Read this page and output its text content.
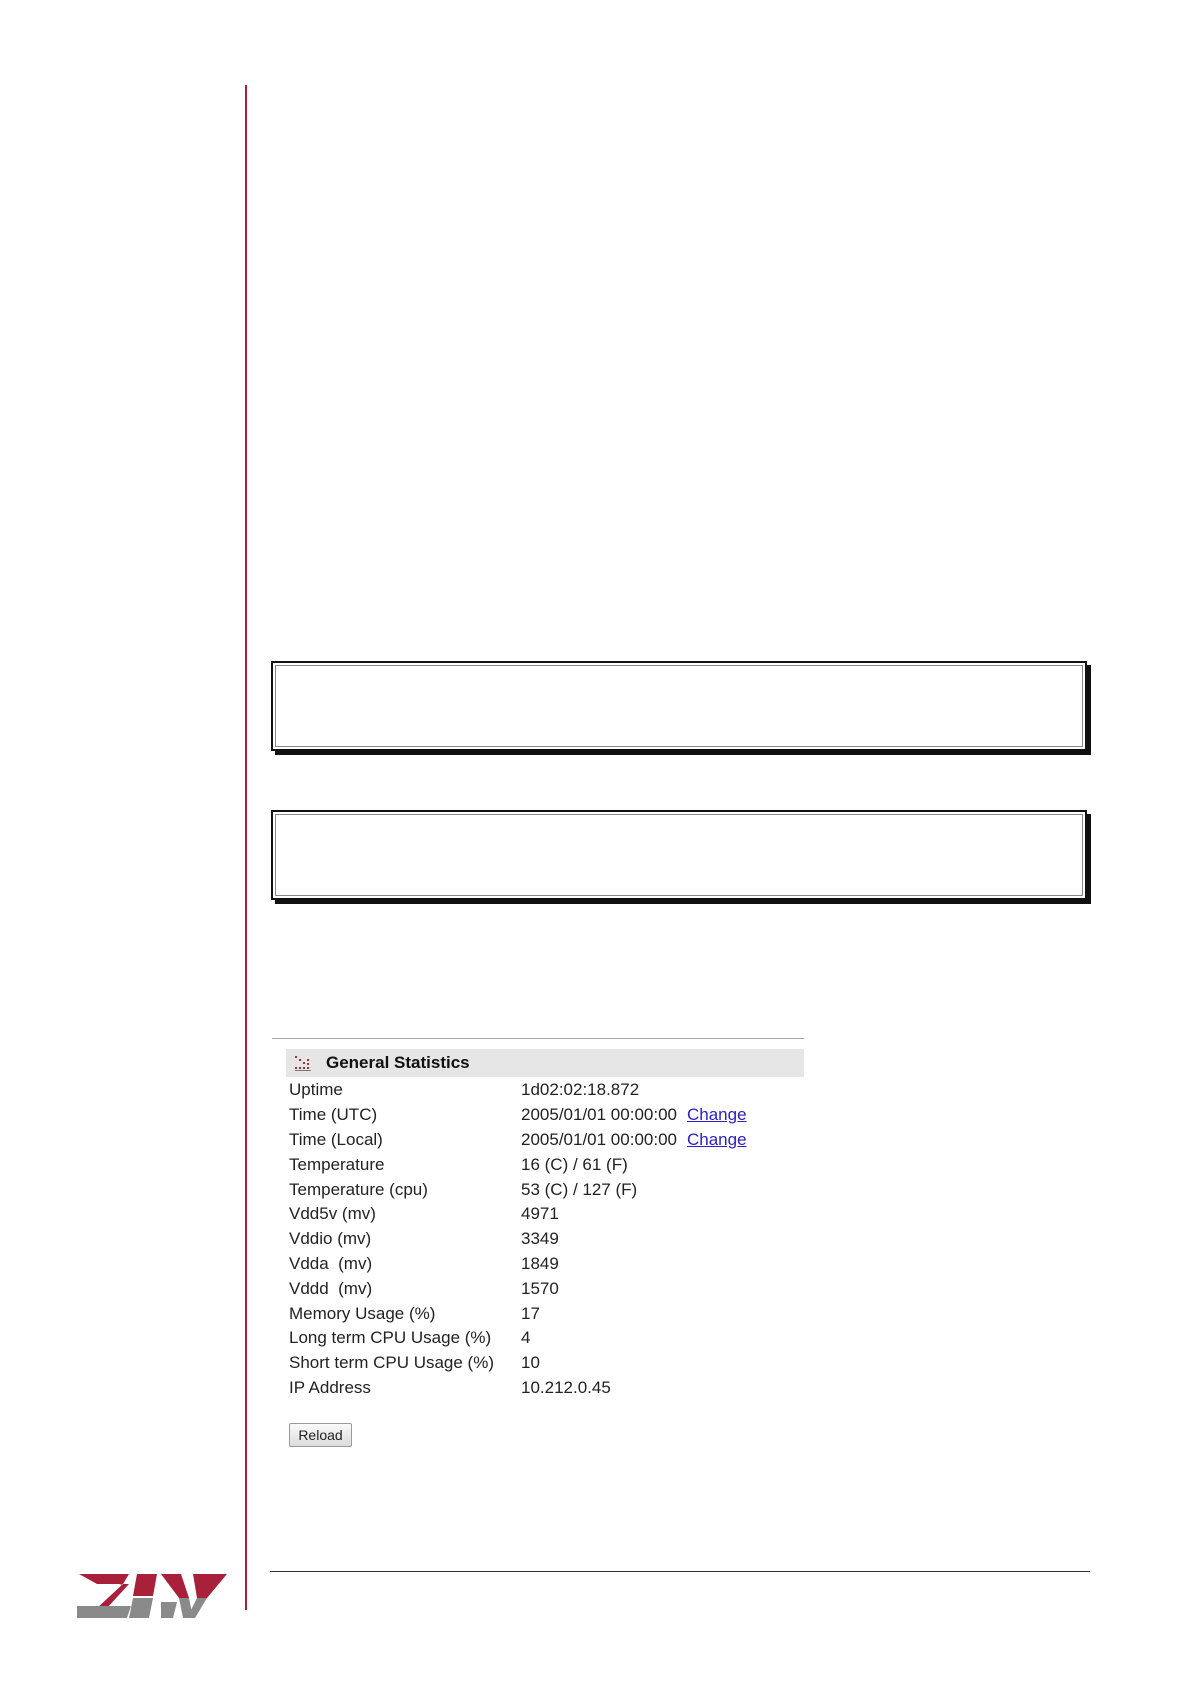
General Statistics
Uptime	1d02:02:18.872
Time (UTC)	2005/01/01 00:00:00 Change
Time (Local)	2005/01/01 00:00:00 Change
Temperature	16 (C) / 61 (F)
Temperature (cpu)	53 (C) / 127 (F)
Vdd5v (mv)	4971
Vddio (mv)	3349
Vdda  (mv)	1849
Vddd  (mv)	1570
Memory Usage (%)	17
Long term CPU Usage (%)	4
Short term CPU Usage (%)	10
IP Address	10.212.0.45
Reload
